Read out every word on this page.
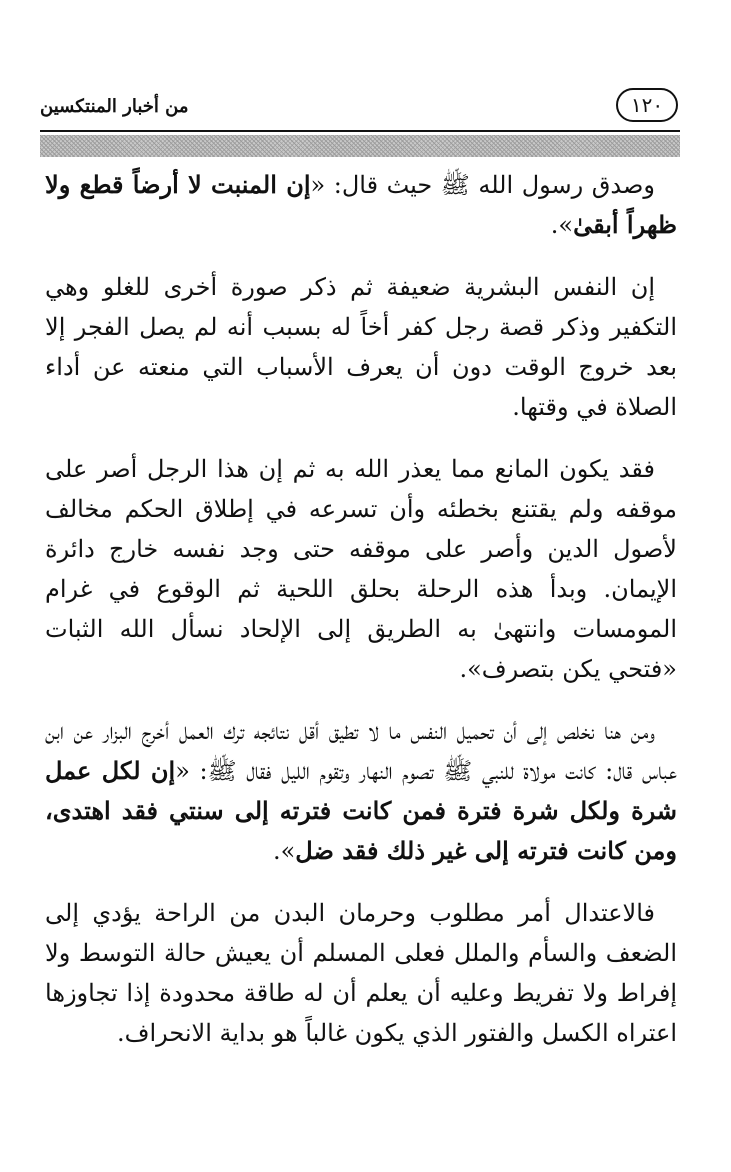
١٢٠
من أخبار المنتكسين

وصدق رسول الله ﷺ حيث قال: «إن المنبت لا أرضاً قطع ولا ظهراً أبقىٰ».

إن النفس البشرية ضعيفة ثم ذكر صورة أخرى للغلو وهي التكفير وذكر قصة رجل كفر أخاً له بسبب أنه لم يصل الفجر إلا بعد خروج الوقت دون أن يعرف الأسباب التي منعته عن أداء الصلاة في وقتها.

فقد يكون المانع مما يعذر الله به ثم إن هذا الرجل أصر على موقفه ولم يقتنع بخطئه وأن تسرعه في إطلاق الحكم مخالف لأصول الدين وأصر على موقفه حتى وجد نفسه خارج دائرة الإيمان. وبدأ هذه الرحلة بحلق اللحية ثم الوقوع في غرام المومسات وانتهىٰ به الطريق إلى الإلحاد نسأل الله الثبات «فتحي يكن بتصرف».

ومن هنا نخلص إلى أن تحميل النفس ما لا تطيق أقل نتائجه ترك العمل أخرج البزار عن ابن عباس قال: كانت مولاة للنبي ﷺ تصوم النهار وتقوم الليل فقال ﷺ: «إن لكل عمل شرة ولكل شرة فترة فمن كانت فترته إلى سنتي فقد اهتدى، ومن كانت فترته إلى غير ذلك فقد ضل».

فالاعتدال أمر مطلوب وحرمان البدن من الراحة يؤدي إلى الضعف والسأم والملل فعلى المسلم أن يعيش حالة التوسط ولا إفراط ولا تفريط وعليه أن يعلم أن له طاقة محدودة إذا تجاوزها اعتراه الكسل والفتور الذي يكون غالباً هو بداية الانحراف.
